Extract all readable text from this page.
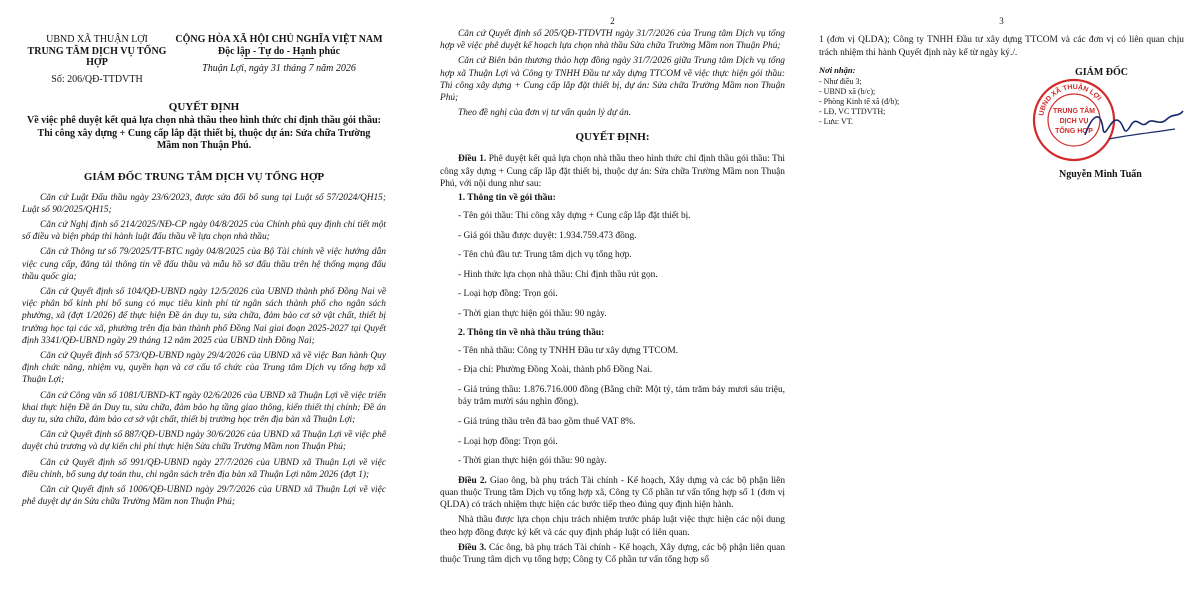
UBND XÃ THUẬN LỢI
TRUNG TÂM DỊCH VỤ TỔNG HỢP
Số: 206/QĐ-TTDVTH
CỘNG HÒA XÃ HỘI CHỦ NGHĨA VIỆT NAM
Độc lập - Tự do - Hạnh phúc
Thuận Lợi, ngày 31 tháng 7 năm 2026
QUYẾT ĐỊNH
Về việc phê duyệt kết quả lựa chọn nhà thầu theo hình thức chỉ định thầu gói thầu: Thi công xây dựng + Cung cấp lắp đặt thiết bị, thuộc dự án: Sửa chữa Trường Mầm non Thuận Phú.
GIÁM ĐỐC TRUNG TÂM DỊCH VỤ TỔNG HỢP

Căn cứ Luật Đấu thầu ngày 23/6/2023, được sửa đổi bổ sung tại Luật số 57/2024/QH15; Luật số 90/2025/QH15;

Căn cứ Nghị định số 214/2025/NĐ-CP ngày 04/8/2025 của Chính phủ quy định chi tiết một số điều và biện pháp thi hành luật đấu thầu về lựa chọn nhà thầu;

Căn cứ Thông tư số 79/2025/TT-BTC ngày 04/8/2025 của Bộ Tài chính về việc hướng dẫn việc cung cấp, đăng tải thông tin về đấu thầu và mẫu hồ sơ đấu thầu trên hệ thống mạng đấu thầu quốc gia;

Căn cứ Quyết định số 104/QĐ-UBND ngày 12/5/2026 của UBND thành phố Đồng Nai về việc phân bổ kinh phí bổ sung có mục tiêu kinh phí từ ngân sách thành phố cho ngân sách phường, xã (đợt 1/2026) để thực hiện Đề án duy tu, sửa chữa, đảm bảo cơ sở vật chất, thiết bị trường học tại các xã, phường trên địa bàn thành phố Đồng Nai giai đoạn 2025-2027 tại Quyết định 3341/QĐ-UBND ngày 29 tháng 12 năm 2025 của UBND tỉnh Đồng Nai;

Căn cứ Quyết định số 573/QĐ-UBND ngày 29/4/2026 của UBND xã về việc Ban hành Quy định chức năng, nhiệm vụ, quyền hạn và cơ cấu tổ chức của Trung tâm Dịch vụ tổng hợp xã Thuận Lợi;

Căn cứ Công văn số 1081/UBND-KT ngày 02/6/2026 của UBND xã Thuận Lợi về việc triển khai thực hiện Đề án Duy tu, sửa chữa, đảm bảo hạ tầng giao thông, kiến thiết thị chính; Đề án duy tu, sửa chữa, đảm bảo cơ sở vật chất, thiết bị trường học trên địa bàn xã Thuận Lợi;

Căn cứ Quyết định số 887/QĐ-UBND ngày 30/6/2026 của UBND xã Thuận Lợi về việc phê duyệt chủ trương và dự kiến chi phí thực hiện Sửa chữa Trường Mầm non Thuận Phú;

Căn cứ Quyết định số 991/QĐ-UBND ngày 27/7/2026 của UBND xã Thuận Lợi về việc điều chỉnh, bổ sung dự toán thu, chi ngân sách trên địa bàn xã Thuận Lợi năm 2026 (đợt 1);

Căn cứ Quyết định số 1006/QĐ-UBND ngày 29/7/2026 của UBND xã Thuận Lợi về việc phê duyệt dự án Sửa chữa Trường Mầm non Thuận Phú;

2

Căn cứ Quyết định số 205/QĐ-TTDVTH ngày 31/7/2026 của Trung tâm Dịch vụ tổng hợp về việc phê duyệt kế hoạch lựa chọn nhà thầu Sửa chữa Trường Mầm non Thuận Phú;

Căn cứ Biên bản thương thảo hợp đồng ngày 31/7/2026 giữa Trung tâm Dịch vụ tổng hợp xã Thuận Lợi và Công ty TNHH Đầu tư xây dựng TTCOM về việc thực hiện gói thầu: Thi công xây dựng + Cung cấp lắp đặt thiết bị, dự án: Sửa chữa Trường Mầm non Thuận Phú;

Theo đề nghị của đơn vị tư vấn quản lý dự án.

QUYẾT ĐỊNH:

Điều 1. Phê duyệt kết quả lựa chọn nhà thầu theo hình thức chỉ định thầu gói thầu: Thi công xây dựng + Cung cấp lắp đặt thiết bị, thuộc dự án: Sửa chữa Trường Mầm non Thuận Phú, với nội dung như sau:

1. Thông tin về gói thầu:

- Tên gói thầu: Thi công xây dựng + Cung cấp lắp đặt thiết bị.

- Giá gói thầu được duyệt: 1.934.759.473 đồng.

- Tên chủ đầu tư: Trung tâm dịch vụ tổng hợp.

- Hình thức lựa chọn nhà thầu: Chỉ định thầu rút gọn.

- Loại hợp đồng: Trọn gói.

- Thời gian thực hiện gói thầu: 90 ngày.

2. Thông tin về nhà thầu trúng thầu:

- Tên nhà thầu: Công ty TNHH Đầu tư xây dựng TTCOM.

- Địa chỉ: Phường Đồng Xoài, thành phố Đồng Nai.

- Giá trúng thầu: 1.876.716.000 đồng (Bằng chữ: Một tỷ, tám trăm bảy mươi sáu triệu, bảy trăm mười sáu nghìn đồng).

- Giá trúng thầu trên đã bao gồm thuế VAT 8%.

- Loại hợp đồng: Trọn gói.

- Thời gian thực hiện gói thầu: 90 ngày.

Điều 2. Giao ông, bà phụ trách Tài chính - Kế hoạch, Xây dựng và các bộ phận liên quan thuộc Trung tâm Dịch vụ tổng hợp xã, Công ty Cổ phần tư vấn tổng hợp số 1 (đơn vị QLDA) có trách nhiệm thực hiện các bước tiếp theo đúng quy định hiện hành.

Nhà thầu được lựa chọn chịu trách nhiệm trước pháp luật việc thực hiện các nội dung theo hợp đồng được ký kết và các quy định pháp luật có liên quan.

Điều 3. Các ông, bà phụ trách Tài chính - Kế hoạch, Xây dựng, các bộ phận liên quan thuộc Trung tâm dịch vụ tổng hợp; Công ty Cổ phần tư vấn tổng hợp số

3
1 (đơn vị QLDA); Công ty TNHH Đầu tư xây dựng TTCOM và các đơn vị có liên quan chịu trách nhiệm thi hành Quyết định này kể từ ngày ký./.
Nơi nhận:
- Như điều 3;
- UBND xã (b/c);
- Phòng Kinh tế xã (đ/b);
- LĐ, VC TTDVTH;
- Lưu: VT.
GIÁM ĐỐC
UBND XÃ THUẬN LỢI
TRUNG TÂM
DỊCH VỤ
TỔNG HỢP
Nguyễn Minh Tuấn
